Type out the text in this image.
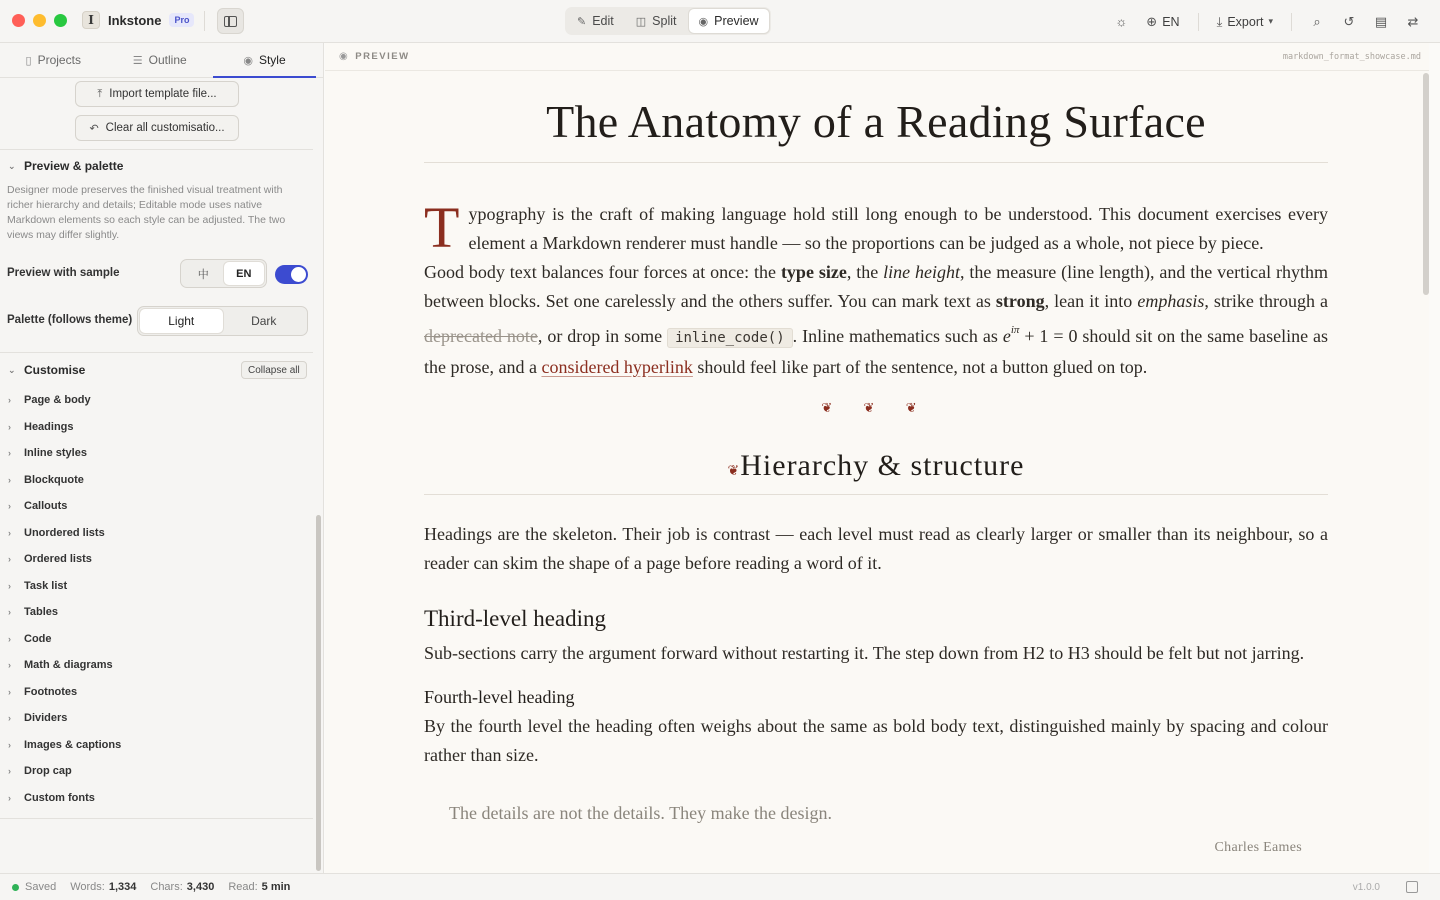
I	Inkstone	Pro	✎ Edit ◫ Split ◉ Preview	☼ ⊕ EN	⤓ Export ▾	⌕ ↺ ▤ ⇄
▯ Projects	☰ Outline	◉ Style
⤒ Import template file...
↶ Clear all customisatio...
⌄ Preview & palette
Designer mode preserves the finished visual treatment with richer hierarchy and details; Editable mode uses native Markdown elements so each style can be adjusted. The two views may differ slightly.
Preview with sample	中	EN
Palette (follows theme)	Light	Dark
⌄ Customise	Collapse all
›	Page & body
›	Headings
›	Inline styles
›	Blockquote
›	Callouts
›	Unordered lists
›	Ordered lists
›	Task list
›	Tables
›	Code
›	Math & diagrams
›	Footnotes
›	Dividers
›	Images & captions
›	Drop cap
›	Custom fonts
◉ PREVIEW	markdown_format_showcase.md
The Anatomy of a Reading Surface

Typography is the craft of making language hold still long enough to be understood. This document exercises every element a Markdown renderer must handle — so the proportions can be judged as a whole, not piece by piece.

Good body text balances four forces at once: the type size, the line height, the measure (line length), and the vertical rhythm between blocks. Set one carelessly and the others suffer. You can mark text as strong, lean it into emphasis, strike through a deprecated note, or drop in some inline_code() . Inline mathematics such as $e^{i\pi} + 1 = 0$ should sit on the same baseline as the prose, and a considered hyperlink should feel like part of the sentence, not a button glued on top.

❦ ❦ ❦
❦Hierarchy & structure

Headings are the skeleton. Their job is contrast — each level must read as clearly larger or smaller than its neighbour, so a reader can skim the shape of a page before reading a word of it.

Third-level heading

Sub-sections carry the argument forward without restarting it. The step down from H2 to H3 should be felt but not jarring.

Fourth-level heading

By the fourth level the heading often weighs about the same as bold body text, distinguished mainly by spacing and colour rather than size.

The details are not the details. They make the design.
Charles Eames
Saved Words: 1,334 Chars: 3,430 Read: 5 min	v1.0.0
